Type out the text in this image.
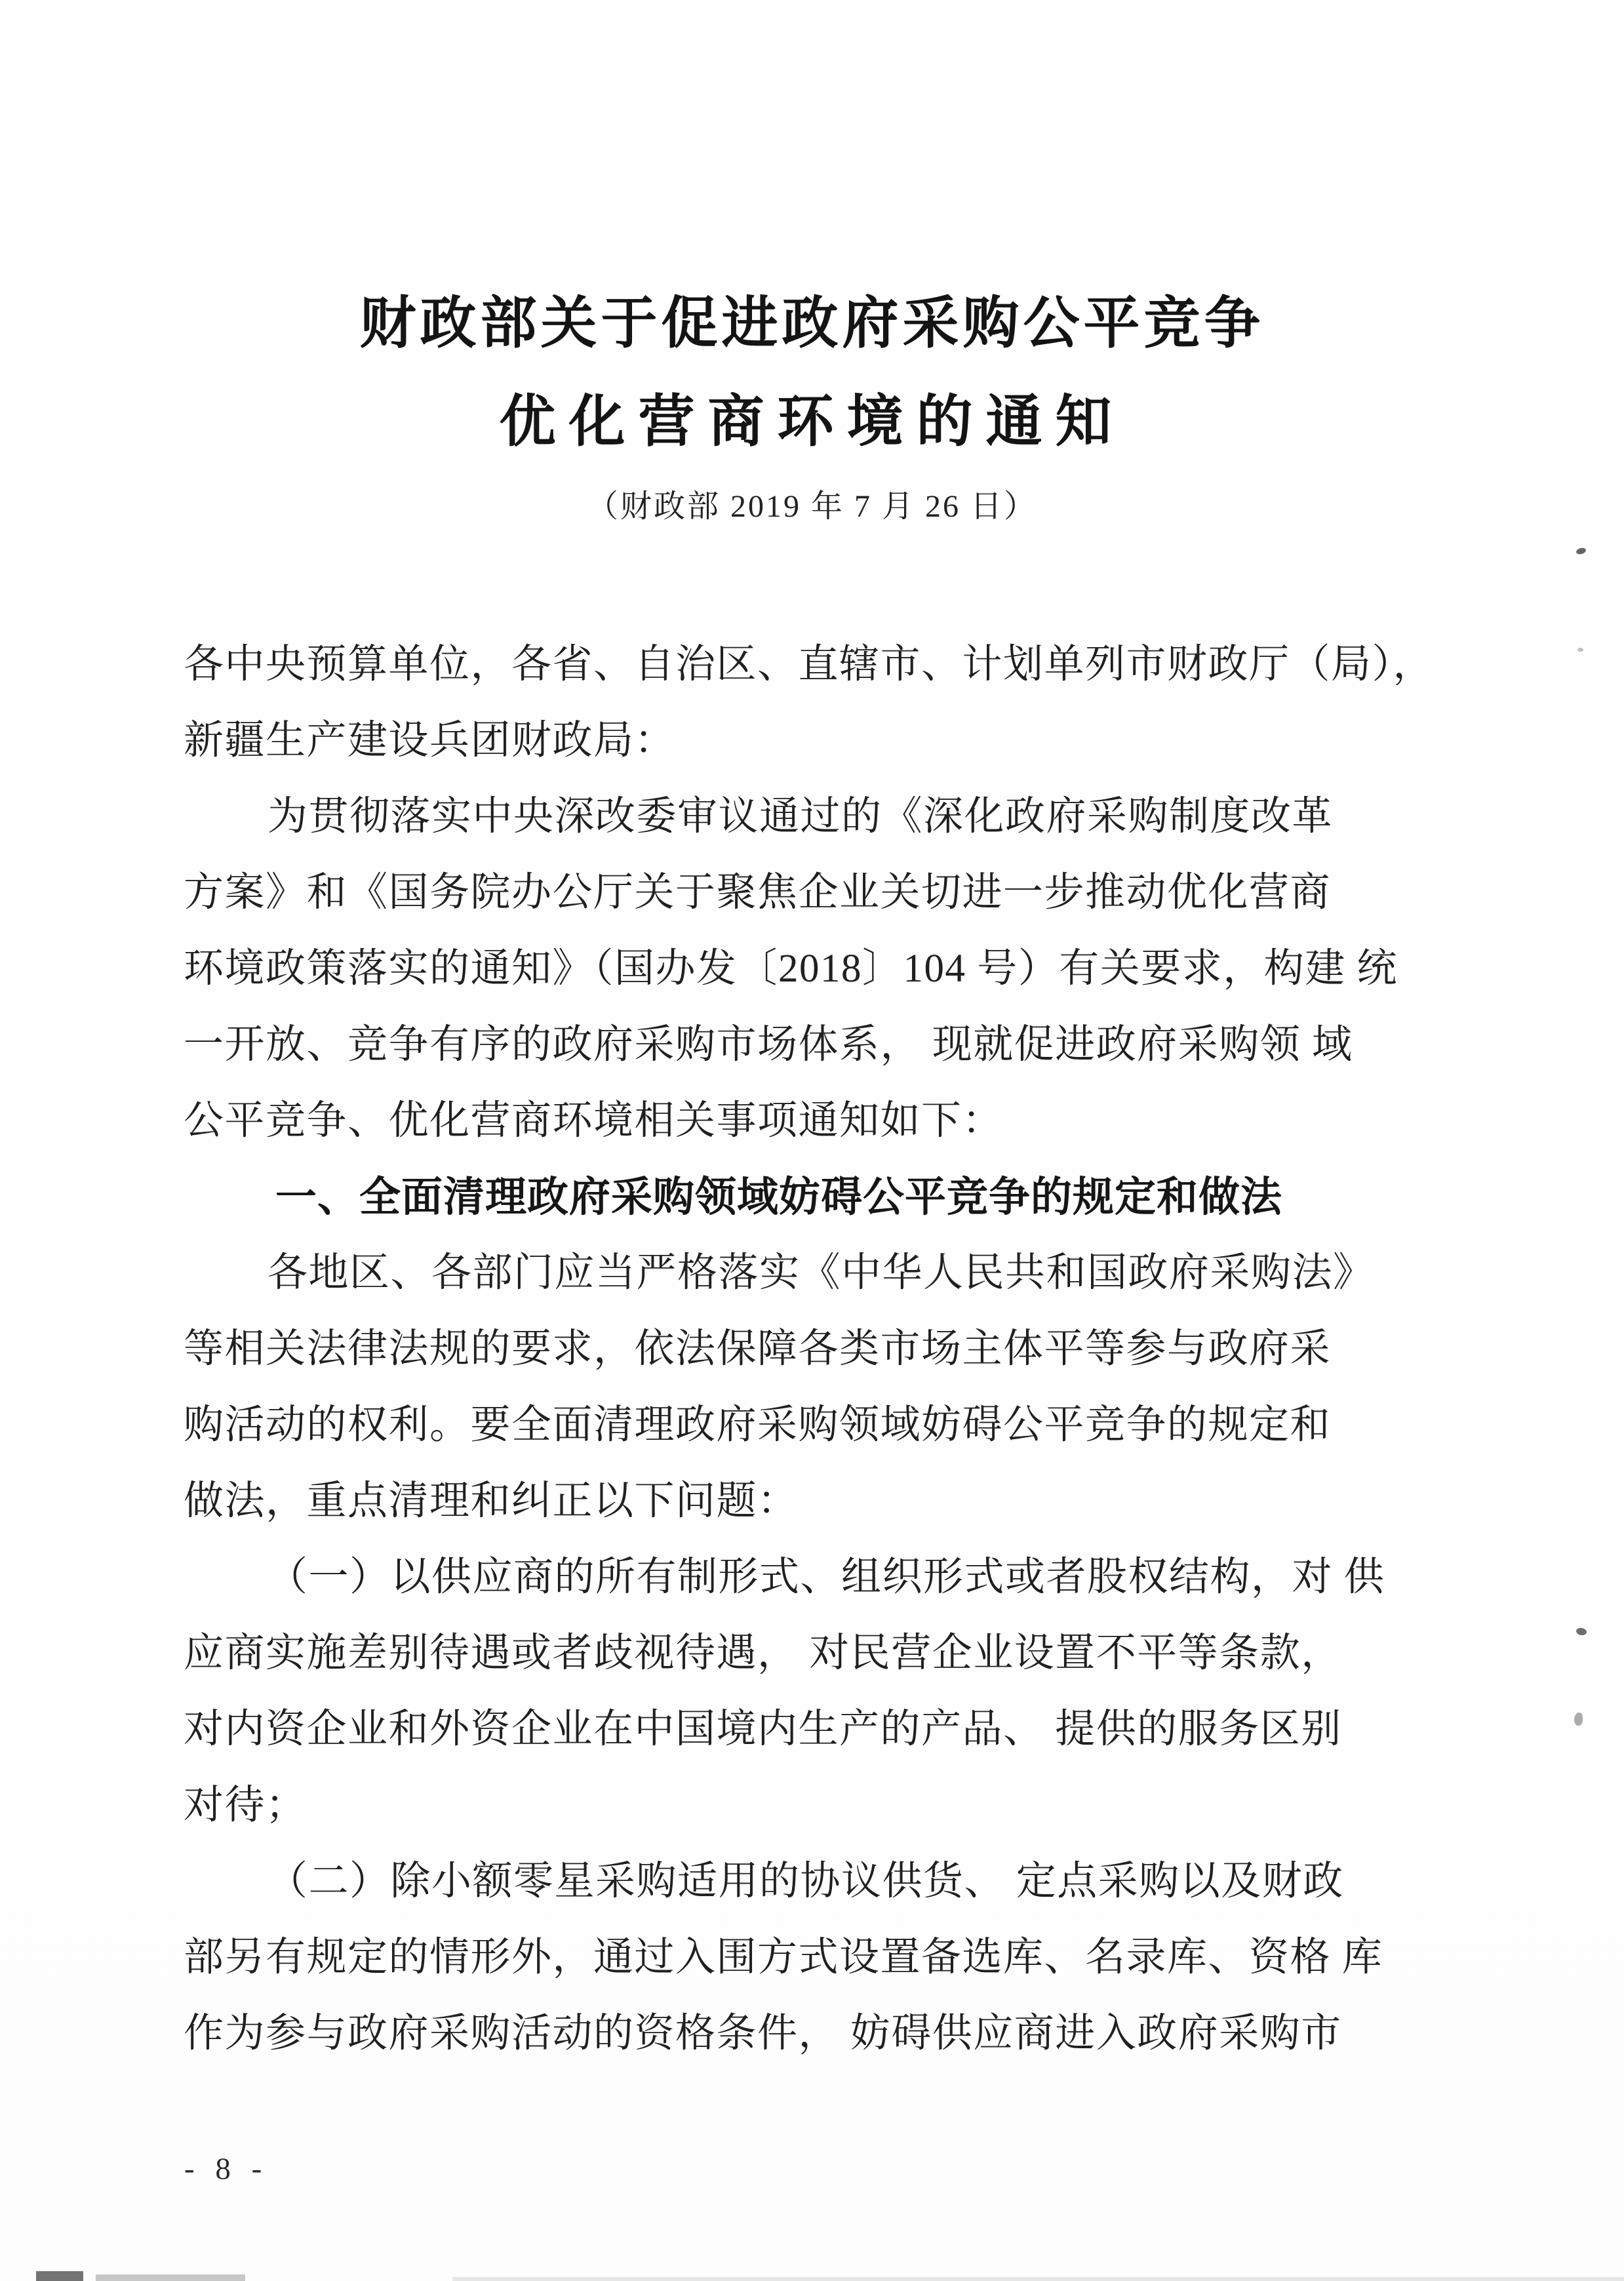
财政部关于促进政府采购公平竞争
优化营商环境的通知
（财政部 2019 年 7 月 26 日）
各中央预算单位，各省、自治区、直辖市、计划单列市财政厅（局），
新疆生产建设兵团财政局：
为贯彻落实中央深改委审议通过的《深化政府采购制度改革
方案》和《国务院办公厅关于聚焦企业关切进一步推动优化营商
环境政策落实的通知》（国办发〔2018〕104 号）有关要求，构建 统
一开放、竞争有序的政府采购市场体系， 现就促进政府采购领 域
公平竞争、优化营商环境相关事项通知如下：
一、全面清理政府采购领域妨碍公平竞争的规定和做法
各地区、各部门应当严格落实《中华人民共和国政府采购法》
等相关法律法规的要求，依法保障各类市场主体平等参与政府采
购活动的权利。要全面清理政府采购领域妨碍公平竞争的规定和
做法，重点清理和纠正以下问题：
（一）以供应商的所有制形式、组织形式或者股权结构，对 供
应商实施差别待遇或者歧视待遇， 对民营企业设置不平等条款，
对内资企业和外资企业在中国境内生产的产品、 提供的服务区别
对待；
（二）除小额零星采购适用的协议供货、 定点采购以及财政
部另有规定的情形外，通过入围方式设置备选库、名录库、资格 库
作为参与政府采购活动的资格条件， 妨碍供应商进入政府采购市
- 8 -
